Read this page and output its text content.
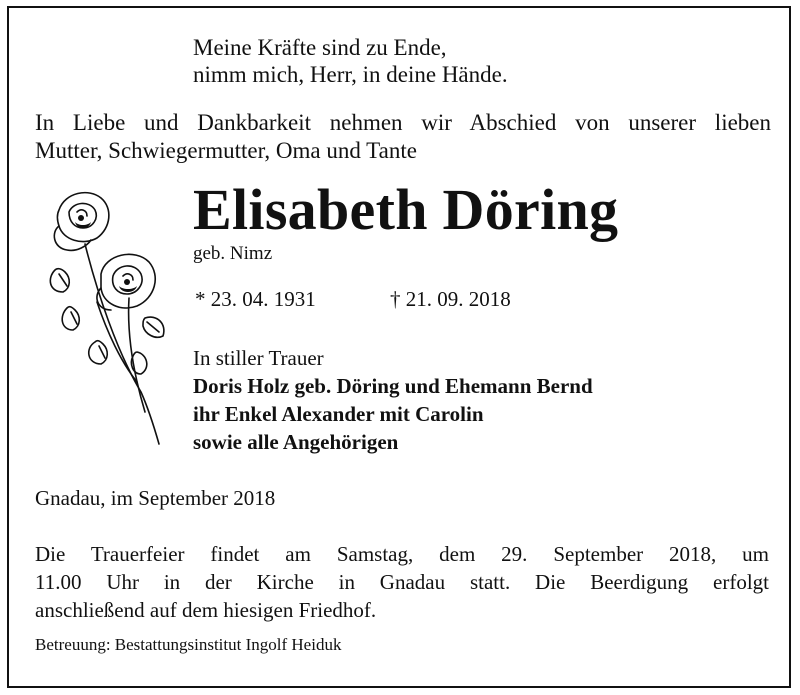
Meine Kräfte sind zu Ende,
nimm mich, Herr, in deine Hände.

In Liebe und Dankbarkeit nehmen wir Abschied von unserer lieben
Mutter, Schwiegermutter, Oma und Tante

Elisabeth Döring

geb. Nimz

* 23. 04. 1931	† 21. 09. 2018

In stiller Trauer

Doris Holz geb. Döring und Ehemann Bernd

ihr Enkel Alexander mit Carolin

sowie alle Angehörigen

Gnadau, im September 2018

Die Trauerfeier findet am Samstag, dem 29. September 2018, um
11.00 Uhr in der Kirche in Gnadau statt. Die Beerdigung erfolgt
anschließend auf dem hiesigen Friedhof.

Betreuung: Bestattungsinstitut Ingolf Heiduk
